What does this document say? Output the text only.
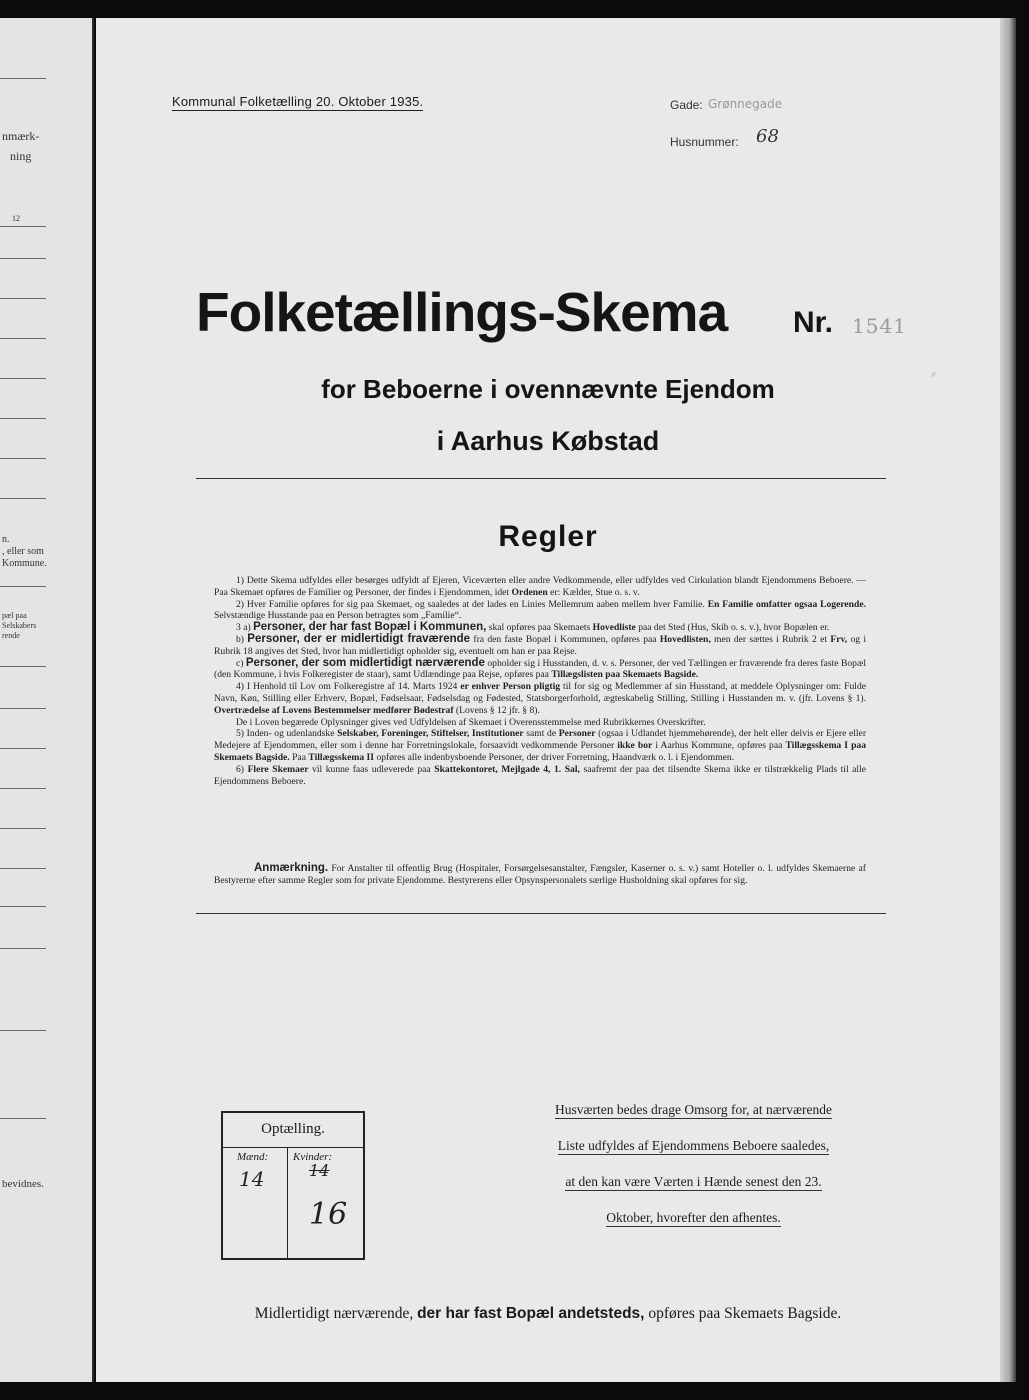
nmærk-
ning
12
n.
, eller som
Kommune.
pæl paa
Selskabers
rende
bevidnes.
Kommunal Folketælling 20. Oktober 1935.	Gade: Grønnegade
Husnummer: 68
Folketællings-Skema Nr. 1541
for Beboerne i ovennævnte Ejendom
i Aarhus Købstad
Regler

1) Dette Skema udfyldes eller besørges udfyldt af Ejeren, Viceværten eller andre Vedkommende, eller udfyldes ved Cirkulation blandt Ejendommens Beboere. — Paa Skemaet opføres de Familier og Personer, der findes i Ejendommen, idet Ordenen er: Kælder, Stue o. s. v.

2) Hver Familie opføres for sig paa Skemaet, og saaledes at der lades en Linies Mellemrum aaben mellem hver Familie. En Familie omfatter ogsaa Logerende. Selvstændige Husstande paa en Person betragtes som „Familie“.

3 a) Personer, der har fast Bopæl i Kommunen, skal opføres paa Skemaets Hovedliste paa det Sted (Hus, Skib o. s. v.), hvor Bopælen er.

b) Personer, der er midlertidigt fraværende fra den faste Bopæl i Kommunen, opføres paa Hovedlisten, men der sættes i Rubrik 2 et Frv, og i Rubrik 18 angives det Sted, hvor han midlertidigt opholder sig, eventuelt om han er paa Rejse.

c) Personer, der som midlertidigt nærværende opholder sig i Husstanden, d. v. s. Personer, der ved Tællingen er fraværende fra deres faste Bopæl (den Kommune, i hvis Folkeregister de staar), samt Udlændinge paa Rejse, opføres paa Tillægslisten paa Skemaets Bagside.

4) I Henhold til Lov om Folkeregistre af 14. Marts 1924 er enhver Person pligtig til for sig og Medlemmer af sin Husstand, at meddele Oplysninger om: Fulde Navn, Køn, Stilling eller Erhverv, Bopæl, Fødselsaar, Fødselsdag og Fødested, Statsborgerforhold, ægteskabelig Stilling, Stilling i Husstanden m. v. (jfr. Lovens § 1). Overtrædelse af Lovens Bestemmelser medfører Bødestraf (Lovens § 12 jfr. § 8).

De i Loven begærede Oplysninger gives ved Udfyldelsen af Skemaet i Overensstemmelse med Rubrikkernes Overskrifter.

5) Inden- og udenlandske Selskaber, Foreninger, Stiftelser, Institutioner samt de Personer (ogsaa i Udlandet hjemmehørende), der helt eller delvis er Ejere eller Medejere af Ejendommen, eller som i denne har Forretningslokale, forsaavidt vedkommende Personer ikke bor i Aarhus Kommune, opføres paa Tillægsskema I paa Skemaets Bagside. Paa Tillægsskema II opføres alle indenbysboende Personer, der driver Forretning, Haandværk o. l. i Ejendommen.

6) Flere Skemaer vil kunne faas udleverede paa Skattekontoret, Mejlgade 4, 1. Sal, saafremt der paa det tilsendte Skema ikke er tilstrækkelig Plads til alle Ejendommens Beboere.

Anmærkning. For Anstalter til offentlig Brug (Hospitaler, Forsørgelsesanstalter, Fængsler, Kaserner o. s. v.) samt Hoteller o. l. udfyldes Skemaerne af Bestyrerne efter samme Regler som for private Ejendomme. Bestyrerens eller Opsynspersonalets særlige Husholdning skal opføres for sig.

Optælling.
Mænd: Kvinder:
14	14
16
Husværten bedes drage Omsorg for, at nærværende
Liste udfyldes af Ejendommens Beboere saaledes,
at den kan være Værten i Hænde senest den 23.
Oktober, hvorefter den afhentes.
Midlertidigt nærværende, der har fast Bopæl andetsteds, opføres paa Skemaets Bagside.
